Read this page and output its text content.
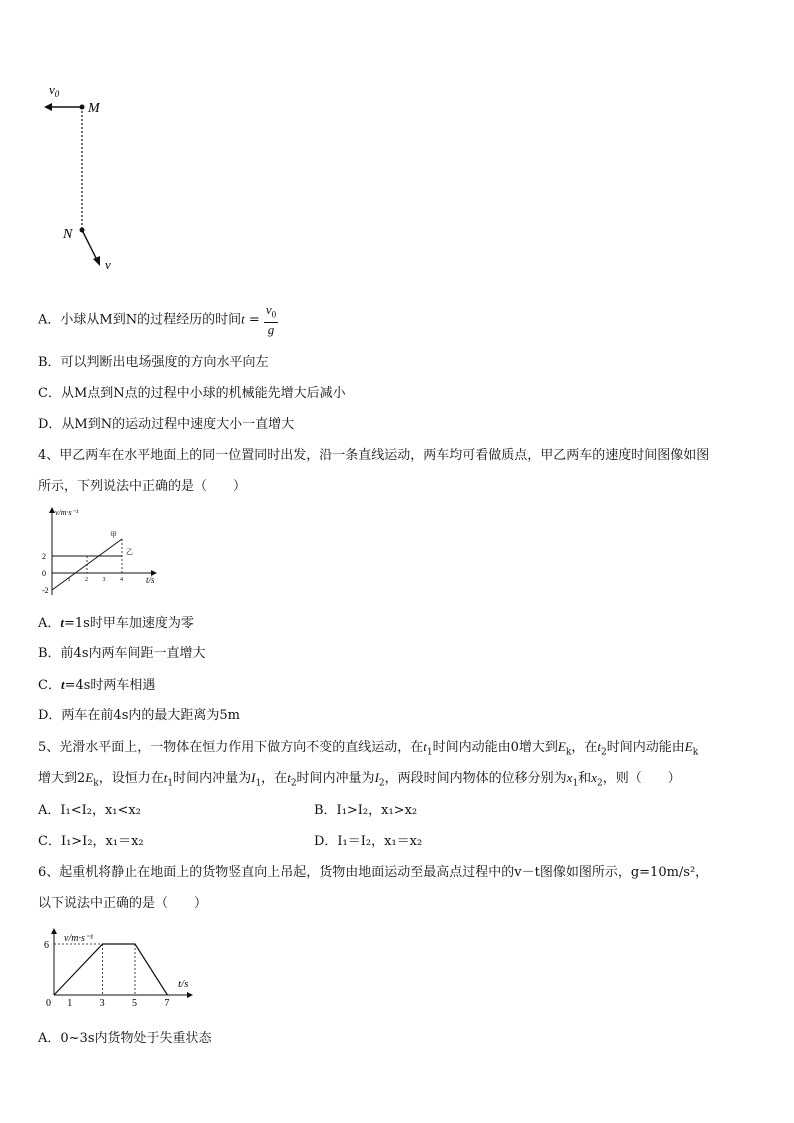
$v_0$
M
N
v
A．小球从M到N的过程经历的时间$t = \frac{v_0}{g}$
B．可以判断出电场强度的方向水平向左
C．从M点到N点的过程中小球的机械能先增大后减小
D．从M到N的运动过程中速度大小一直增大
4、甲乙两车在水平地面上的同一位置同时出发，沿一条直线运动，两车均可看做质点，甲乙两车的速度时间图像如图
所示，下列说法中正确的是（　　）
v/m·s⁻¹
t/s
1 2 3 4
2
0
-2
甲
乙
A．t=1s时甲车加速度为零
B．前4s内两车间距一直增大
C．t=4s时两车相遇
D．两车在前4s内的最大距离为5m
5、光滑水平面上，一物体在恒力作用下做方向不变的直线运动，在$t_1$时间内动能由0增大到$E_k$，在$t_2$时间内动能由$E_k$
增大到$2E_k$，设恒力在$t_1$时间内冲量为$I_1$，在$t_2$时间内冲量为$I_2$，两段时间内物体的位移分别为$x_1$和$x_2$，则（　　）
A．I₁<I₂，x₁<x₂	B．I₁>I₂，x₁>x₂
C．I₁>I₂，x₁＝x₂	D．I₁＝I₂，x₁＝x₂
6、起重机将静止在地面上的货物竖直向上吊起，货物由地面运动至最高点过程中的v－t图像如图所示，g=10m/s²，
以下说法中正确的是（　　）
v/m·s⁻¹
t/s
0 1	3	5	7
6
A．0~3s内货物处于失重状态
